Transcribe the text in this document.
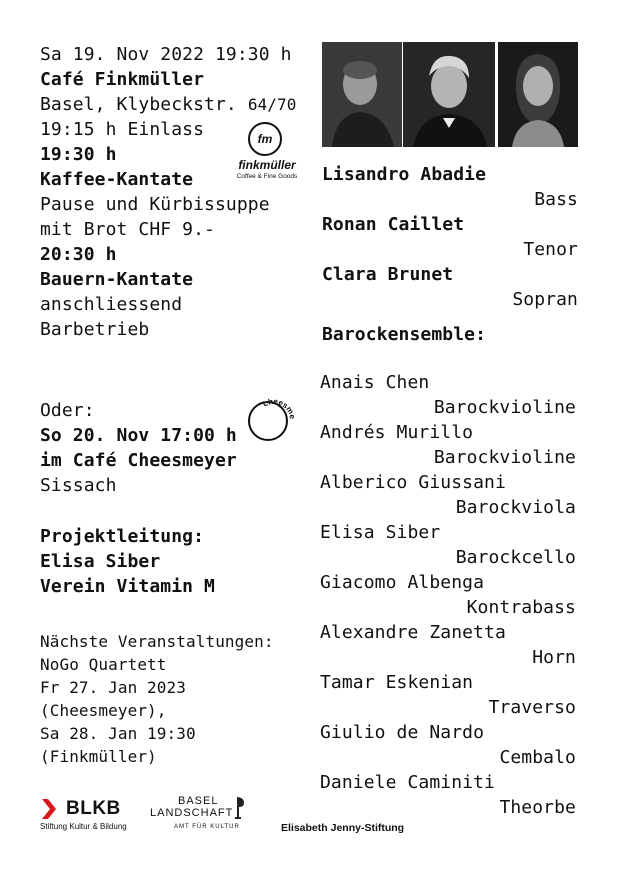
Sa 19. Nov 2022 19:30 h
Café Finkmüller
Basel, Klybeckstr. 64/70
19:15 h Einlass
19:30 h
Kaffee-Kantate
Pause und Kürbissuppe
mit Brot CHF 9.-
20:30 h
Bauern-Kantate
anschliessend
Barbetrieb
fm
finkmüller
Coffee & Fine Goods
Oder:
So 20. Nov 17:00 h
im Café Cheesmeyer
Sissach
cheesme
Projektleitung:
Elisa Siber
Verein Vitamin M
Nächste Veranstaltungen:
NoGo Quartett
Fr 27. Jan 2023
(Cheesmeyer),
Sa 28. Jan 19:30
(Finkmüller)
Lisandro Abadie
Bass
Ronan Caillet
Tenor
Clara Brunet
Sopran
Barockensemble:
Anais Chen
Barockvioline
Andrés Murillo
Barockvioline
Alberico Giussani
Barockviola
Elisa Siber
Barockcello
Giacomo Albenga
Kontrabass
Alexandre Zanetta
Horn
Tamar Eskenian
Traverso
Giulio de Nardo
Cembalo
Daniele Caminiti
Theorbe
BLKB
Stiftung Kultur & Bildung
BASEL
LANDSCHAFT
AMT FÜR KULTUR	Elisabeth Jenny-Stiftung
